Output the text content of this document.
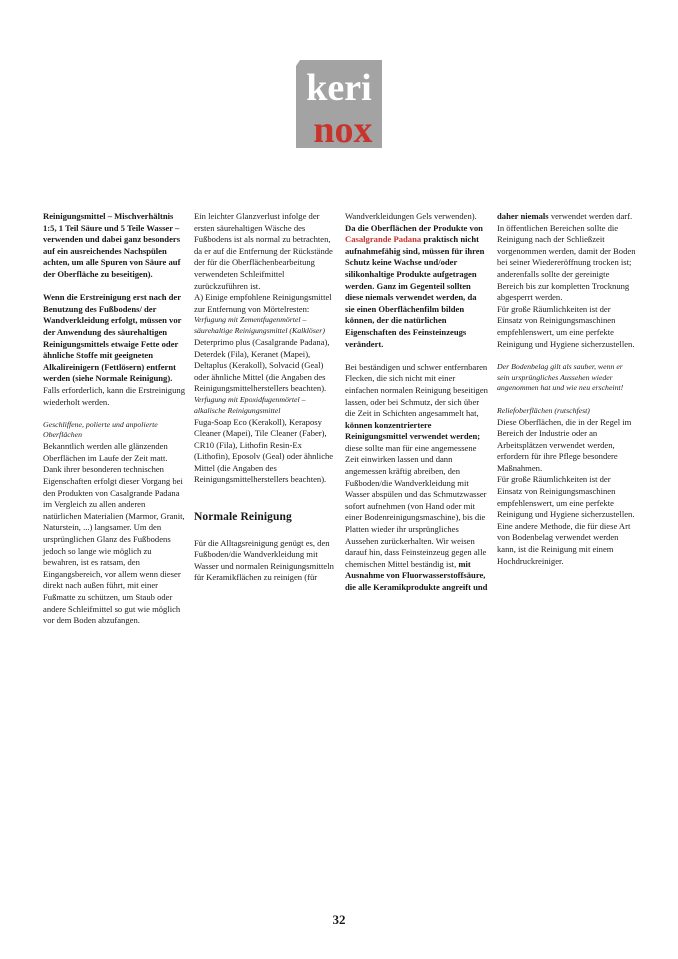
keri
nox

Reinigungsmittel – Mischverhältnis 1:5, 1 Teil Säure und 5 Teile Wasser – verwenden und dabei ganz besonders auf ein ausreichendes Nachspülen achten, um alle Spuren von Säure auf der Oberfläche zu beseitigen).

Wenn die Erstreinigung erst nach der Benutzung des Fußbodens/ der Wandverkleidung erfolgt, müssen vor der Anwendung des säurehaltigen Reinigungsmittels etwaige Fette oder ähnliche Stoffe mit geeigneten Alkalireinigern (Fettlösern) entfernt werden (siehe Normale Reinigung).

Falls erforderlich, kann die Erstreinigung wiederholt werden.

Geschliffene, polierte und anpolierte Oberflächen

Bekanntlich werden alle glänzenden Oberflächen im Laufe der Zeit matt. Dank ihrer besonderen technischen Eigenschaften erfolgt dieser Vorgang bei den Produkten von Casalgrande Padana im Vergleich zu allen anderen natürlichen Materialien (Marmor, Granit, Naturstein, ...) langsamer. Um den ursprünglichen Glanz des Fußbodens jedoch so lange wie möglich zu bewahren, ist es ratsam, den Eingangsbereich, vor allem wenn dieser direkt nach außen führt, mit einer Fußmatte zu schützen, um Staub oder andere Schleifmittel so gut wie möglich vor dem Boden abzufangen.

Ein leichter Glanzverlust infolge der ersten säurehaltigen Wäsche des Fußbodens ist als normal zu betrachten, da er auf die Entfernung der Rückstände der für die Oberflächenbearbeitung verwendeten Schleifmittel zurückzuführen ist.

A) Einige empfohlene Reinigungsmittel zur Entfernung von Mörtelresten:

Verfugung mit Zementfugenmörtel – säurehaltige Reinigungsmittel (Kalklöser)

Deterprimo plus (Casalgrande Padana), Deterdek (Fila), Keranet (Mapei), Deltaplus (Kerakoll), Solvacid (Geal) oder ähnliche Mittel (die Angaben des Reinigungsmittelherstellers beachten).

Verfugung mit Epoxidfugenmörtel – alkalische Reinigungsmittel

Fuga-Soap Eco (Kerakoll), Keraposy Cleaner (Mapei), Tile Cleaner (Faber), CR10 (Fila), Lithofin Resin-Ex (Lithofin), Eposolv (Geal) oder ähnliche Mittel (die Angaben des Reinigungsmittelherstellers beachten).

Normale Reinigung

Für die Alltagsreinigung genügt es, den Fußboden/die Wandverkleidung mit Wasser und normalen Reinigungsmitteln für Keramikflächen zu reinigen (für

Wandverkleidungen Gels verwenden).

Da die Oberflächen der Produkte von Casalgrande Padana praktisch nicht aufnahmefähig sind, müssen für ihren Schutz keine Wachse und/oder silikonhaltige Produkte aufgetragen werden. Ganz im Gegenteil sollten diese niemals verwendet werden, da sie einen Oberflächenfilm bilden können, der die natürlichen Eigenschaften des Feinsteinzeugs verändert.

Bei beständigen und schwer entfernbaren Flecken, die sich nicht mit einer einfachen normalen Reinigung beseitigen lassen, oder bei Schmutz, der sich über die Zeit in Schichten angesammelt hat, können konzentriertere Reinigungsmittel verwendet werden; diese sollte man für eine angemessene Zeit einwirken lassen und dann angemessen kräftig abreiben, den Fußboden/die Wandverkleidung mit Wasser abspülen und das Schmutzwasser sofort aufnehmen (von Hand oder mit einer Bodenreinigungsmaschine), bis die Platten wieder ihr ursprüngliches Aussehen zurückerhalten. Wir weisen darauf hin, dass Feinsteinzeug gegen alle chemischen Mittel beständig ist, mit Ausnahme von Fluorwasserstoffsäure, die alle Keramikprodukte angreift und

daher niemals verwendet werden darf.

In öffentlichen Bereichen sollte die Reinigung nach der Schließzeit vorgenommen werden, damit der Boden bei seiner Wiedereröffnung trocken ist; anderenfalls sollte der gereinigte Bereich bis zur kompletten Trocknung abgesperrt werden.

Für große Räumlichkeiten ist der Einsatz von Reinigungsmaschinen empfehlenswert, um eine perfekte Reinigung und Hygiene sicherzustellen.

Der Bodenbelag gilt als sauber, wenn er sein ursprüngliches Aussehen wieder angenommen hat und wie neu erscheint!

Reliefoberflächen (rutschfest)

Diese Oberflächen, die in der Regel im Bereich der Industrie oder an Arbeitsplätzen verwendet werden, erfordern für ihre Pflege besondere Maßnahmen.

Für große Räumlichkeiten ist der Einsatz von Reinigungsmaschinen empfehlenswert, um eine perfekte Reinigung und Hygiene sicherzustellen.

Eine andere Methode, die für diese Art von Bodenbelag verwendet werden kann, ist die Reinigung mit einem Hochdruckreiniger.

32
